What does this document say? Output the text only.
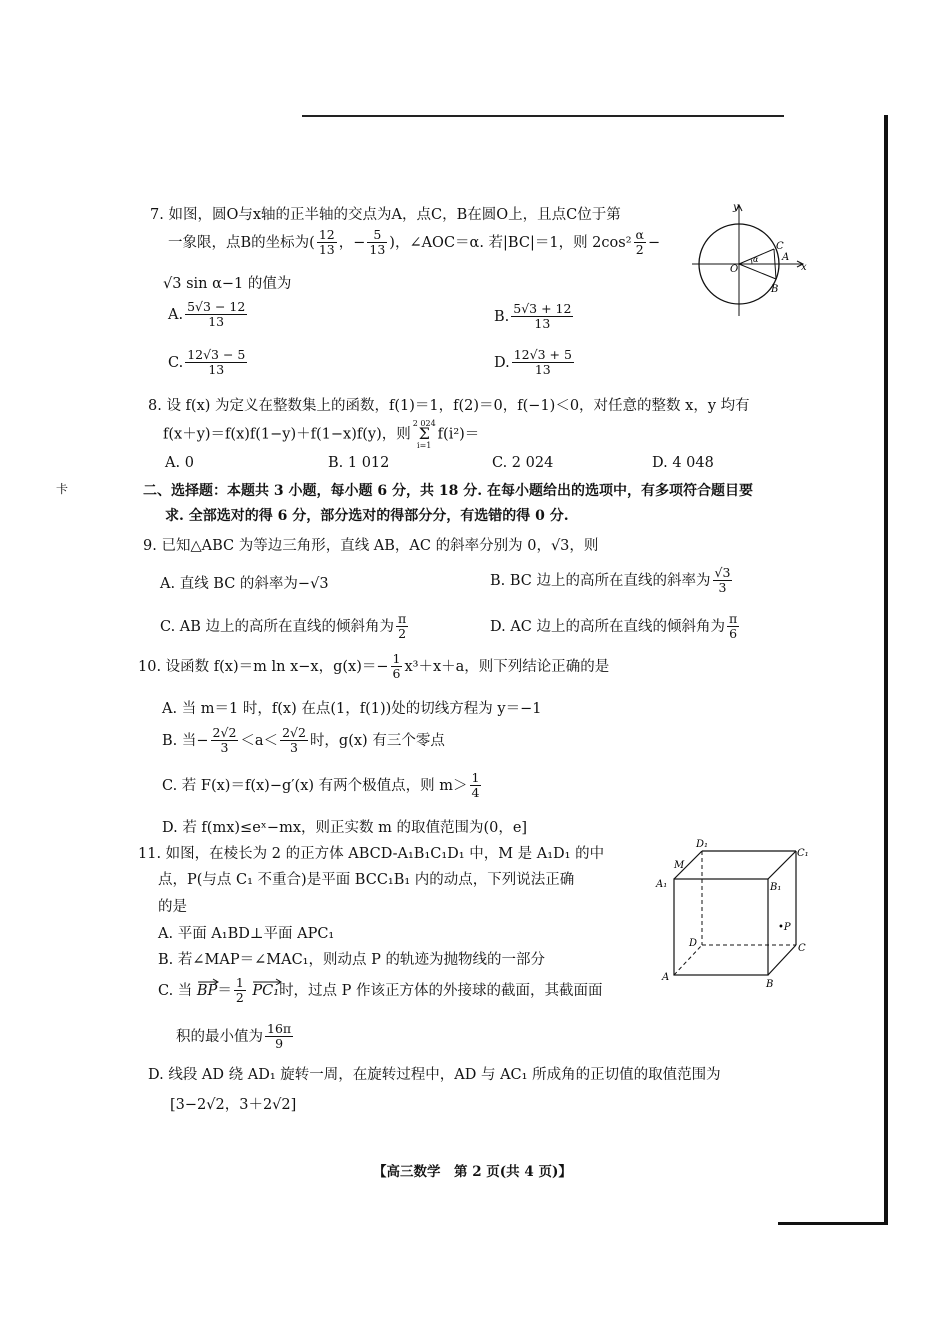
卡
7. 如图，圆O与x轴的正半轴的交点为A，点C，B在圆O上，且点C位于第
一象限，点B的坐标为( $\frac{12}{13}$ ，− $\frac{5}{13}$ )，∠AOC＝α. 若|BC|＝1，则 $2\cos^2 \frac{\alpha}{2}$ −
√3 sin α−1 的值为
A. $\frac{5√3 - 12}{13}$	B. $\frac{5√3 + 12}{13}$
C. $\frac{12√3 - 5}{13}$	D. $\frac{12√3 + 5}{13}$
y
x
O
C
A
B
α
8. 设 f(x) 为定义在整数集上的函数，f(1)＝1，f(2)＝0，f(−1)＜0，对任意的整数 x，y 均有
f(x＋y)＝f(x)f(1−y)＋f(1−x)f(y)，则
2 024
Σ
i=1
f(i²)＝
A. 0	B. 1 012	C. 2 024	D. 4 048
二、选择题：本题共 3 小题，每小题 6 分，共 18 分. 在每小题给出的选项中，有多项符合题目要
求. 全部选对的得 6 分，部分选对的得部分分，有选错的得 0 分.
9. 已知△ABC 为等边三角形，直线 AB，AC 的斜率分别为 0，√3，则
A. 直线 BC 的斜率为−√3	B. BC 边上的高所在直线的斜率为 $\frac{√3}{3}$
C. AB 边上的高所在直线的倾斜角为 $\frac{\pi}{2}$	D. AC 边上的高所在直线的倾斜角为 $\frac{\pi}{6}$
10. 设函数 f(x)＝m ln x−x，$g(x)=- \frac{1}{6} x^3+x+a$，则下列结论正确的是
A. 当 m＝1 时，f(x) 在点(1，f(1))处的切线方程为 y＝−1
B. 当− $\frac{2√2}{3} <a< \frac{2√2}{3}$ 时，g(x) 有三个零点
C. 若 F(x)＝f(x)−g′(x) 有两个极值点，则 $m> \frac{1}{4}$
D. 若 f(mx)≤eˣ−mx，则正实数 m 的取值范围为(0，e]
11. 如图，在棱长为 2 的正方体 ABCD-A₁B₁C₁D₁ 中，M 是 A₁D₁ 的中
点，P(与点 C₁ 不重合)是平面 BCC₁B₁ 内的动点，下列说法正确
的是
A. 平面 A₁BD⊥平面 APC₁
B. 若∠MAP＝∠MAC₁，则动点 P 的轨迹为抛物线的一部分
C. 当 $BP= \frac{1}{2}$
PC₁时，过点 P 作该正方体的外接球的截面，其截面面
积的最小值为 $\frac{16\pi}{9}$
D. 线段 AD 绕 AD₁ 旋转一周，在旋转过程中，AD 与 AC₁ 所成角的正切值的取值范围为
[3−2√2，3＋2√2]
D₁
C₁
M
A₁	B₁
•P
D	C
A
B
【高三数学　第 2 页(共 4 页)】
